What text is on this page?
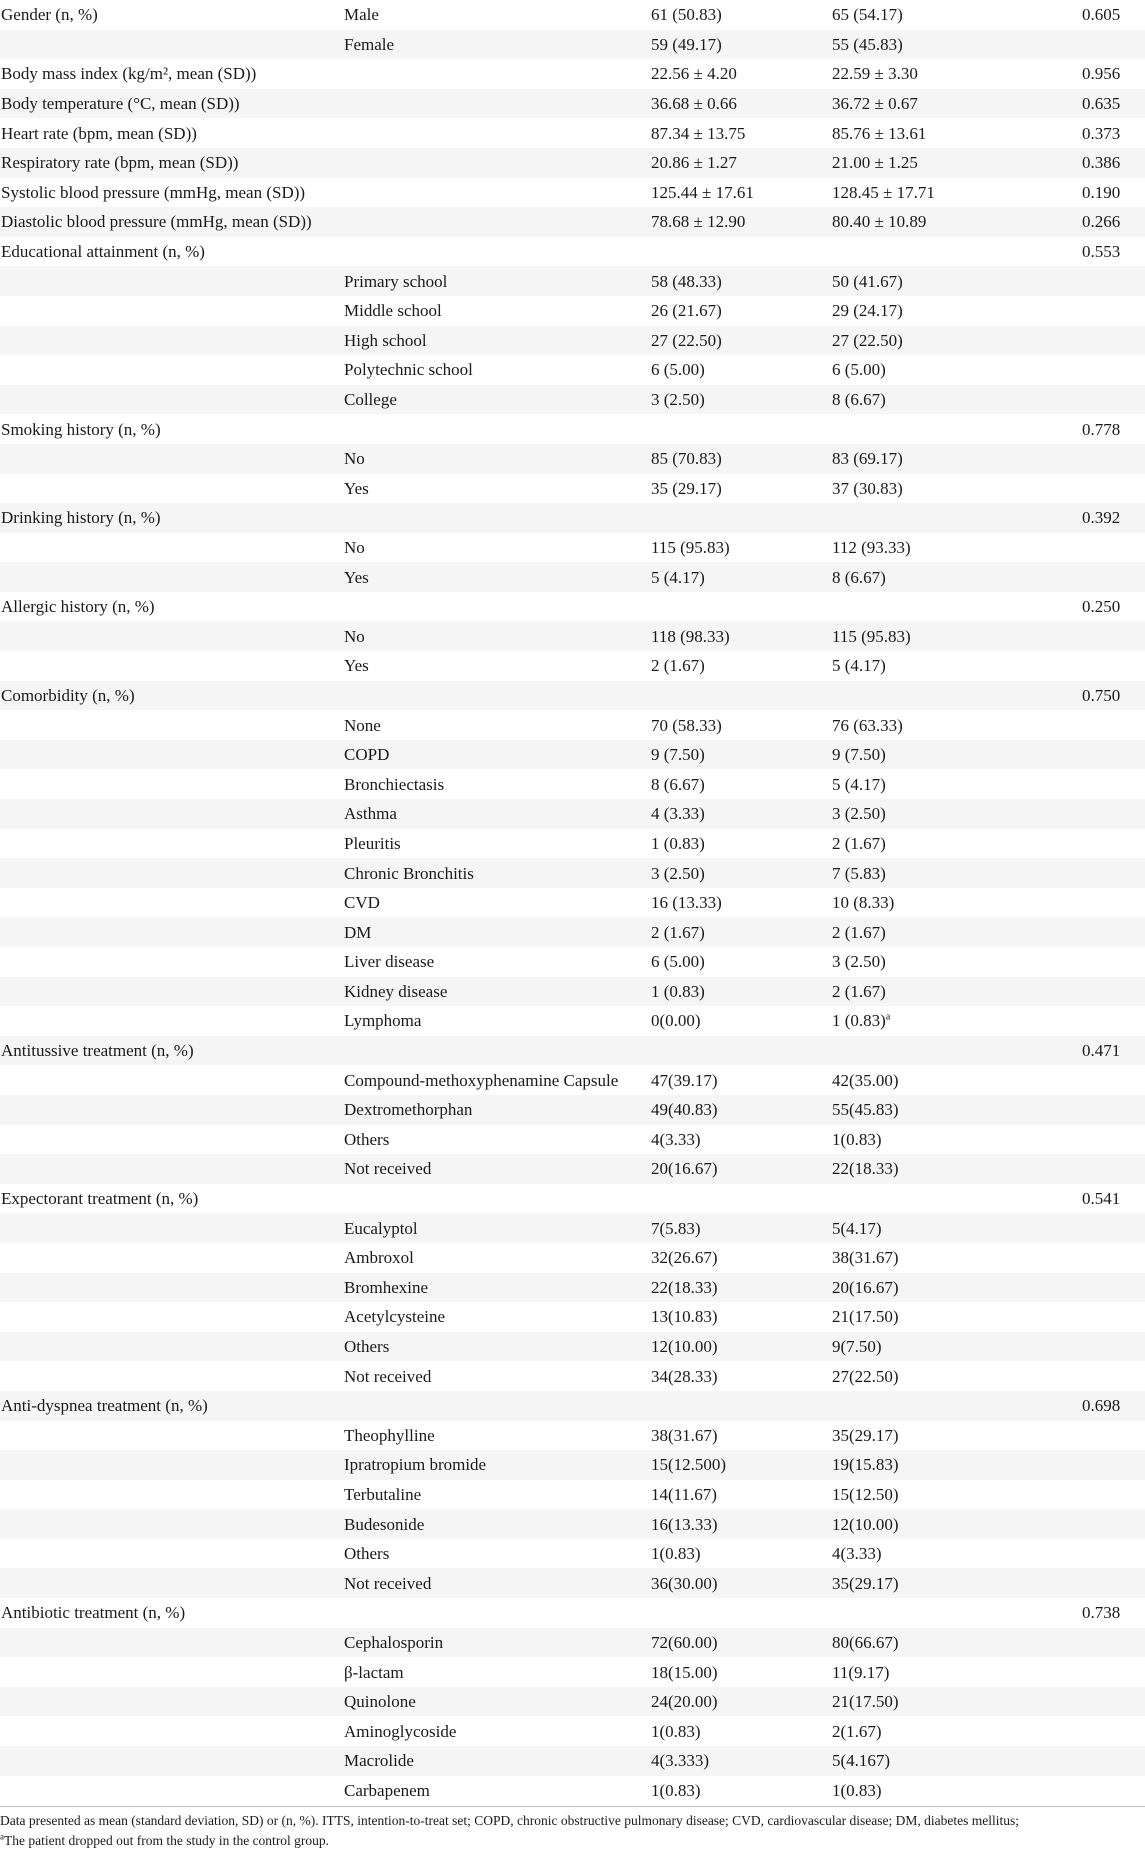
Gender (n, %)	Male	61 (50.83)	65 (54.17)	0.605
	Female	59 (49.17)	55 (45.83)	
Body mass index (kg/m², mean (SD))		22.56 ± 4.20	22.59 ± 3.30	0.956
Body temperature (°C, mean (SD))		36.68 ± 0.66	36.72 ± 0.67	0.635
Heart rate (bpm, mean (SD))		87.34 ± 13.75	85.76 ± 13.61	0.373
Respiratory rate (bpm, mean (SD))		20.86 ± 1.27	21.00 ± 1.25	0.386
Systolic blood pressure (mmHg, mean (SD))		125.44 ± 17.61	128.45 ± 17.71	0.190
Diastolic blood pressure (mmHg, mean (SD))		78.68 ± 12.90	80.40 ± 10.89	0.266
Educational attainment (n, %)				0.553
	Primary school	58 (48.33)	50 (41.67)	
	Middle school	26 (21.67)	29 (24.17)	
	High school	27 (22.50)	27 (22.50)	
	Polytechnic school	6 (5.00)	6 (5.00)	
	College	3 (2.50)	8 (6.67)	
Smoking history (n, %)				0.778
	No	85 (70.83)	83 (69.17)	
	Yes	35 (29.17)	37 (30.83)	
Drinking history (n, %)				0.392
	No	115 (95.83)	112 (93.33)	
	Yes	5 (4.17)	8 (6.67)	
Allergic history (n, %)				0.250
	No	118 (98.33)	115 (95.83)	
	Yes	2 (1.67)	5 (4.17)	
Comorbidity (n, %)				0.750
	None	70 (58.33)	76 (63.33)	
	COPD	9 (7.50)	9 (7.50)	
	Bronchiectasis	8 (6.67)	5 (4.17)	
	Asthma	4 (3.33)	3 (2.50)	
	Pleuritis	1 (0.83)	2 (1.67)	
	Chronic Bronchitis	3 (2.50)	7 (5.83)	
	CVD	16 (13.33)	10 (8.33)	
	DM	2 (1.67)	2 (1.67)	
	Liver disease	6 (5.00)	3 (2.50)	
	Kidney disease	1 (0.83)	2 (1.67)	
	Lymphoma	0(0.00)	1 $(0.83)^a$	
Antitussive treatment (n, %)				0.471
	Compound-methoxyphenamine Capsule	47(39.17)	42(35.00)	
	Dextromethorphan	49(40.83)	55(45.83)	
	Others	4(3.33)	1(0.83)	
	Not received	20(16.67)	22(18.33)	
Expectorant treatment (n, %)				0.541
	Eucalyptol	7(5.83)	5(4.17)	
	Ambroxol	32(26.67)	38(31.67)	
	Bromhexine	22(18.33)	20(16.67)	
	Acetylcysteine	13(10.83)	21(17.50)	
	Others	12(10.00)	9(7.50)	
	Not received	34(28.33)	27(22.50)	
Anti-dyspnea treatment (n, %)				0.698
	Theophylline	38(31.67)	35(29.17)	
	Ipratropium bromide	15(12.500)	19(15.83)	
	Terbutaline	14(11.67)	15(12.50)	
	Budesonide	16(13.33)	12(10.00)	
	Others	1(0.83)	4(3.33)	
	Not received	36(30.00)	35(29.17)	
Antibiotic treatment (n, %)				0.738
	Cephalosporin	72(60.00)	80(66.67)	
	β-lactam	18(15.00)	11(9.17)	
	Quinolone	24(20.00)	21(17.50)	
	Aminoglycoside	1(0.83)	2(1.67)	
	Macrolide	4(3.333)	5(4.167)	
	Carbapenem	1(0.83)	1(0.83)	

Data presented as mean (standard deviation, SD) or (n, %). ITTS, intention-to-treat set; COPD, chronic obstructive pulmonary disease; CVD, cardiovascular disease; DM, diabetes mellitus;

$^a$The patient dropped out from the study in the control group.
